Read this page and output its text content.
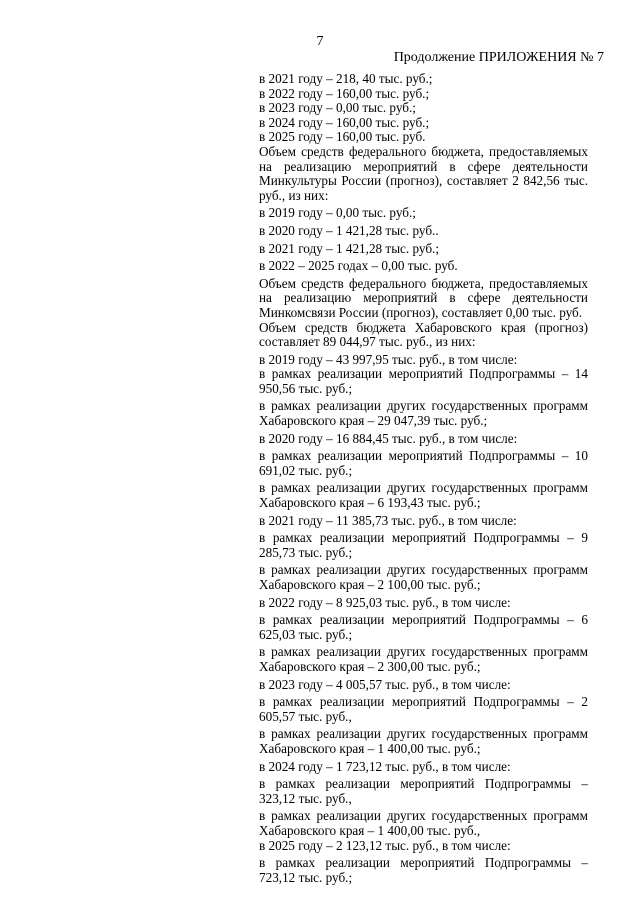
7
Продолжение ПРИЛОЖЕНИЯ № 7

в 2021 году – 218, 40 тыс. руб.;

в 2022 году – 160,00 тыс. руб.;

в 2023 году – 0,00 тыс. руб.;

в 2024 году – 160,00 тыс. руб.;

в 2025 году – 160,00 тыс. руб.

Объем средств федерального бюджета, предоставляемых на реализацию мероприятий в сфере деятельности Минкультуры России (прогноз), составляет 2 842,56 тыс. руб., из них:

в 2019 году – 0,00 тыс. руб.;

в 2020 году – 1 421,28 тыс. руб..

в 2021 году – 1 421,28 тыс. руб.;

в 2022 – 2025 годах – 0,00 тыс. руб.

Объем средств федерального бюджета, предоставляемых на реализацию мероприятий в сфере деятельности Минкомсвязи России (прогноз), составляет 0,00 тыс. руб.

Объем средств бюджета Хабаровского края (прогноз) составляет 89 044,97 тыс. руб., из них:

в 2019 году – 43 997,95 тыс. руб., в том числе:

в рамках реализации мероприятий Подпрограммы – 14 950,56 тыс. руб.;

в рамках реализации других государственных программ Хабаровского края – 29 047,39 тыс. руб.;

в 2020 году – 16 884,45 тыс. руб., в том числе:

в рамках реализации мероприятий Подпрограммы – 10 691,02 тыс. руб.;

в рамках реализации других государственных программ Хабаровского края – 6 193,43 тыс. руб.;

в 2021 году – 11 385,73 тыс. руб., в том числе:

в рамках реализации мероприятий Подпрограммы – 9 285,73 тыс. руб.;

в рамках реализации других государственных программ Хабаровского края – 2 100,00 тыс. руб.;

в 2022 году – 8 925,03 тыс. руб., в том числе:

в рамках реализации мероприятий Подпрограммы – 6 625,03 тыс. руб.;

в рамках реализации других государственных программ Хабаровского края – 2 300,00 тыс. руб.;

в 2023 году – 4 005,57 тыс. руб., в том числе:

в рамках реализации мероприятий Подпрограммы – 2 605,57 тыс. руб.,

в рамках реализации других государственных программ Хабаровского края – 1 400,00 тыс. руб.;

в 2024 году – 1 723,12 тыс. руб., в том числе:

в рамках реализации мероприятий Подпрограммы – 323,12 тыс. руб.,

в рамках реализации других государственных программ Хабаровского края – 1 400,00 тыс. руб.,

в 2025 году – 2 123,12 тыс. руб., в том числе:

в рамках реализации мероприятий Подпрограммы – 723,12 тыс. руб.;
